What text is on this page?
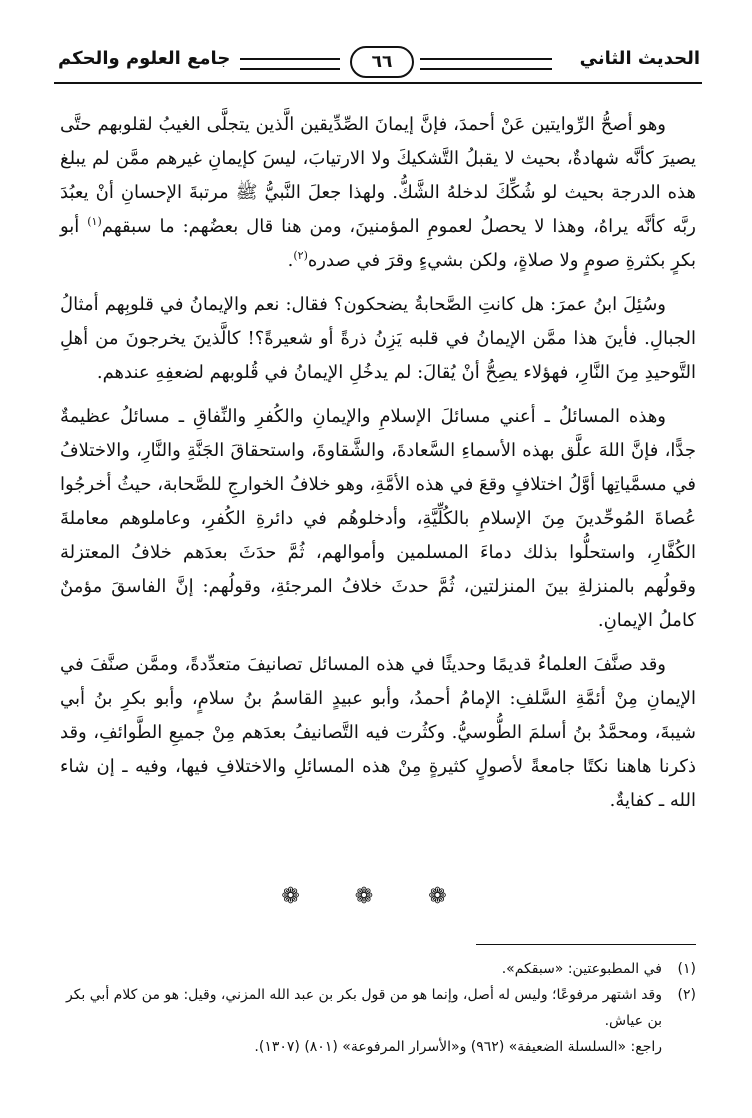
الحديث الثاني
٦٦
جامع العلوم والحكم

وهو أصحُّ الرِّوايتين عَنْ أحمدَ، فإنَّ إيمانَ الصِّدِّيقين الَّذين يتجلَّى الغيبُ لقلوبهم حتَّى يصيرَ كأنَّه شهادةٌ، بحيث لا يقبلُ التَّشكيكَ ولا الارتيابَ، ليسَ كإيمانِ غيرهم ممَّن لم يبلغ هذه الدرجة بحيث لو شُكِّكَ لدخلهُ الشَّكُّ. ولهذا جعلَ النَّبيُّ ﷺ مرتبةَ الإحسانِ أنْ يعبُدَ ربَّه كأنَّه يراهُ، وهذا لا يحصلُ لعمومِ المؤمنينَ، ومن هنا قال بعضُهم: ما سبقهم$^{(١)}$ أبو بكرٍ بكثرةِ صومٍ ولا صلاةٍ، ولكن بشيءٍ وقرَ في صدره$^{(٢)}$.

وسُئِلَ ابنُ عمرَ: هل كانتِ الصَّحابةُ يضحكون؟ فقال: نعم والإيمانُ في قلوبِهم أمثالُ الجبالِ. فأينَ هذا ممَّن الإيمانُ في قلبه يَزِنُ ذرةً أو شعيرةً؟! كالَّذينَ يخرجونَ من أهلِ التَّوحيدِ مِنَ النَّارِ، فهؤلاء يصِحُّ أنْ يُقالَ: لم يدخُلِ الإيمانُ في قُلوبهم لضعفِهِ عندهم.

وهذه المسائلُ ـ أعني مسائلَ الإسلامِ والإيمانِ والكُفرِ والنِّفاقِ ـ مسائلُ عظيمةٌ جدًّا، فإنَّ اللهَ علَّق بهذه الأسماءِ السَّعادةَ، والشَّقاوةَ، واستحقاقَ الجَنَّةِ والنَّارِ، والاختلافُ في مسمَّياتِها أوَّلُ اختلافٍ وقعَ في هذه الأمَّةِ، وهو خلافُ الخوارجِ للصَّحابة، حيثُ أخرجُوا عُصاةَ المُوحِّدينَ مِنَ الإسلامِ بالكُلِّيَّةِ، وأدخلوهُم في دائرةِ الكُفرِ، وعاملوهم معاملةَ الكُفَّارِ، واستحلُّوا بذلك دماءَ المسلمين وأموالهم، ثُمَّ حدَثَ بعدَهم خلافُ المعتزلة وقولُهم بالمنزلةِ بينَ المنزلتين، ثُمَّ حدثَ خلافُ المرجئةِ، وقولُهم: إنَّ الفاسقَ مؤمنٌ كاملُ الإيمانِ.

وقد صنَّفَ العلماءُ قديمًا وحديثًا في هذه المسائل تصانيفَ متعدِّدةً، وممَّن صنَّفَ في الإيمانِ مِنْ أئمَّةِ السَّلفِ: الإمامُ أحمدُ، وأبو عبيدٍ القاسمُ بنُ سلامٍ، وأبو بكرِ بنُ أبي شيبةَ، ومحمَّدُ بنُ أسلمَ الطُّوسيُّ. وكثُرت فيه التَّصانيفُ بعدَهم مِنْ جميعِ الطَّوائفِ، وقد ذكرنا هاهنا نكتًا جامعةً لأصولٍ كثيرةٍ مِنْ هذه المسائلِ والاختلافِ فيها، وفيه ـ إن شاء الله ـ كفايةٌ.

❁ ❁ ❁
(١)
في المطبوعتين: «سبقكم».
(٢)
وقد اشتهر مرفوعًا؛ وليس له أصل، وإنما هو من قول بكر بن عبد الله المزني، وقيل: هو من كلام أبي بكر بن عياش.
راجع: «السلسلة الضعيفة» (٩٦٢) و«الأسرار المرفوعة» (٨٠١) (١٣٠٧).
